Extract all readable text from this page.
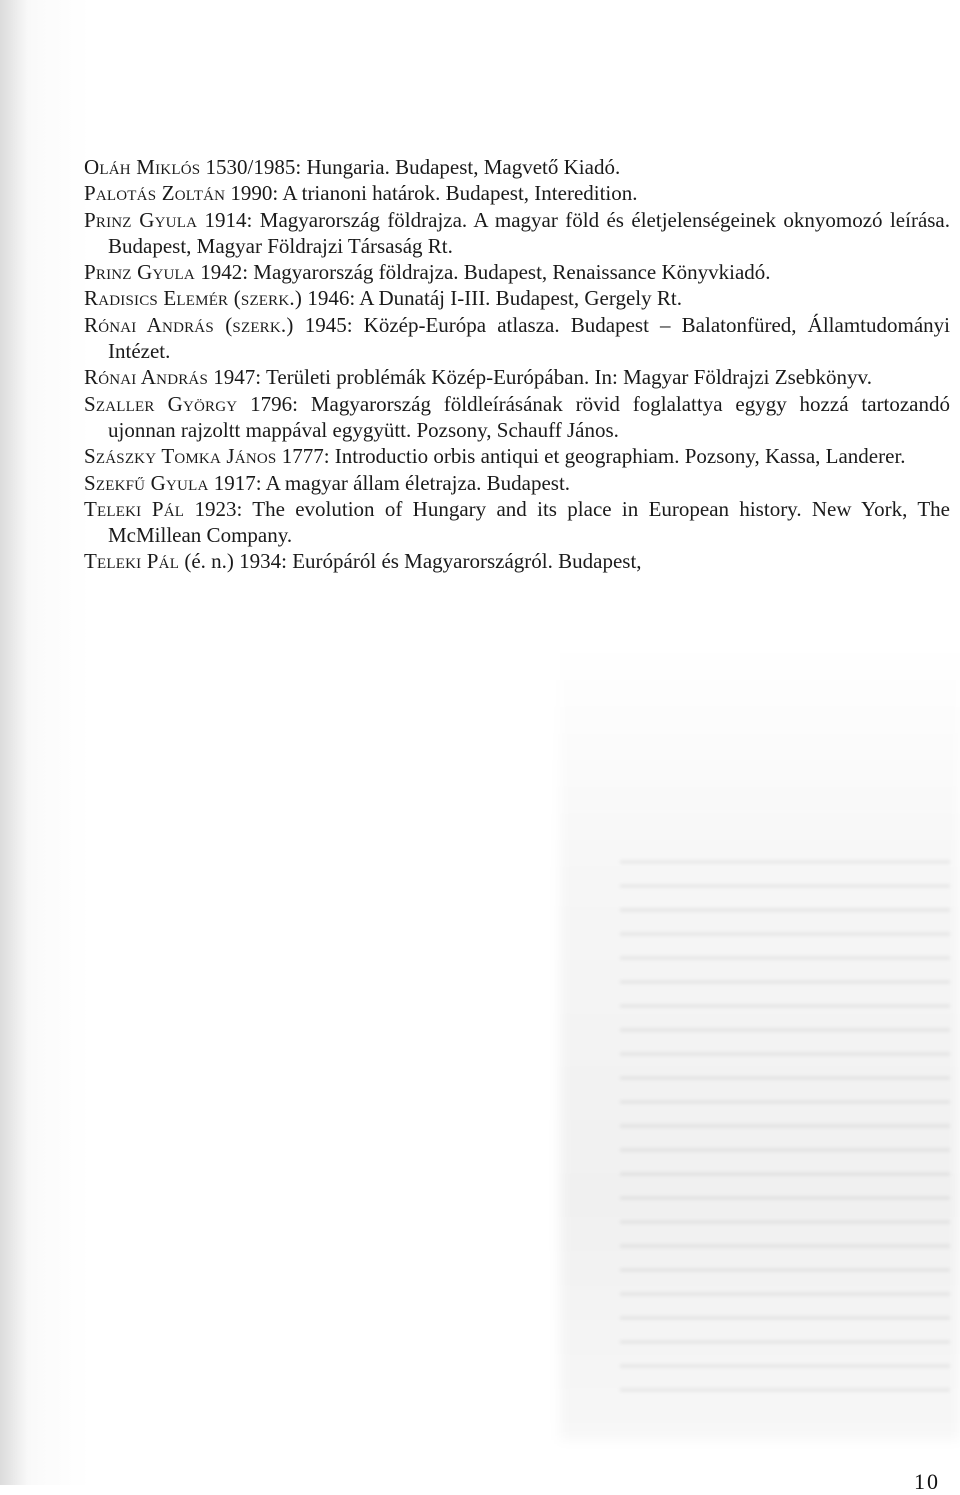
Oláh Miklós 1530/1985: Hungaria. Budapest, Magvető Kiadó.
Palotás Zoltán 1990: A trianoni határok. Budapest, Interedition.
Prinz Gyula 1914: Magyarország földrajza. A magyar föld és életjelenségeinek oknyomozó leírása. Budapest, Magyar Földrajzi Társaság Rt.
Prinz Gyula 1942: Magyarország földrajza. Budapest, Renaissance Könyvkiadó.
Radisics Elemér (szerk.) 1946: A Dunatáj I-III. Budapest, Gergely Rt.
Rónai András (szerk.) 1945: Közép-Európa atlasza. Budapest – Balatonfüred, Államtudományi Intézet.
Rónai András 1947: Területi problémák Közép-Európában. In: Magyar Földrajzi Zsebkönyv.
Szaller György 1796: Magyarország földleírásának rövid foglalattya egygy hozzá tartozandó ujonnan rajzoltt mappával egygyütt. Pozsony, Schauff János.
Szászky Tomka János 1777: Introductio orbis antiqui et geographiam. Pozsony, Kassa, Landerer.
Szekfű Gyula 1917: A magyar állam életrajza. Budapest.
Teleki Pál 1923: The evolution of Hungary and its place in European history. New York, The McMillean Company.
Teleki Pál (é. n.) 1934: Európáról és Magyarországról. Budapest,
10
